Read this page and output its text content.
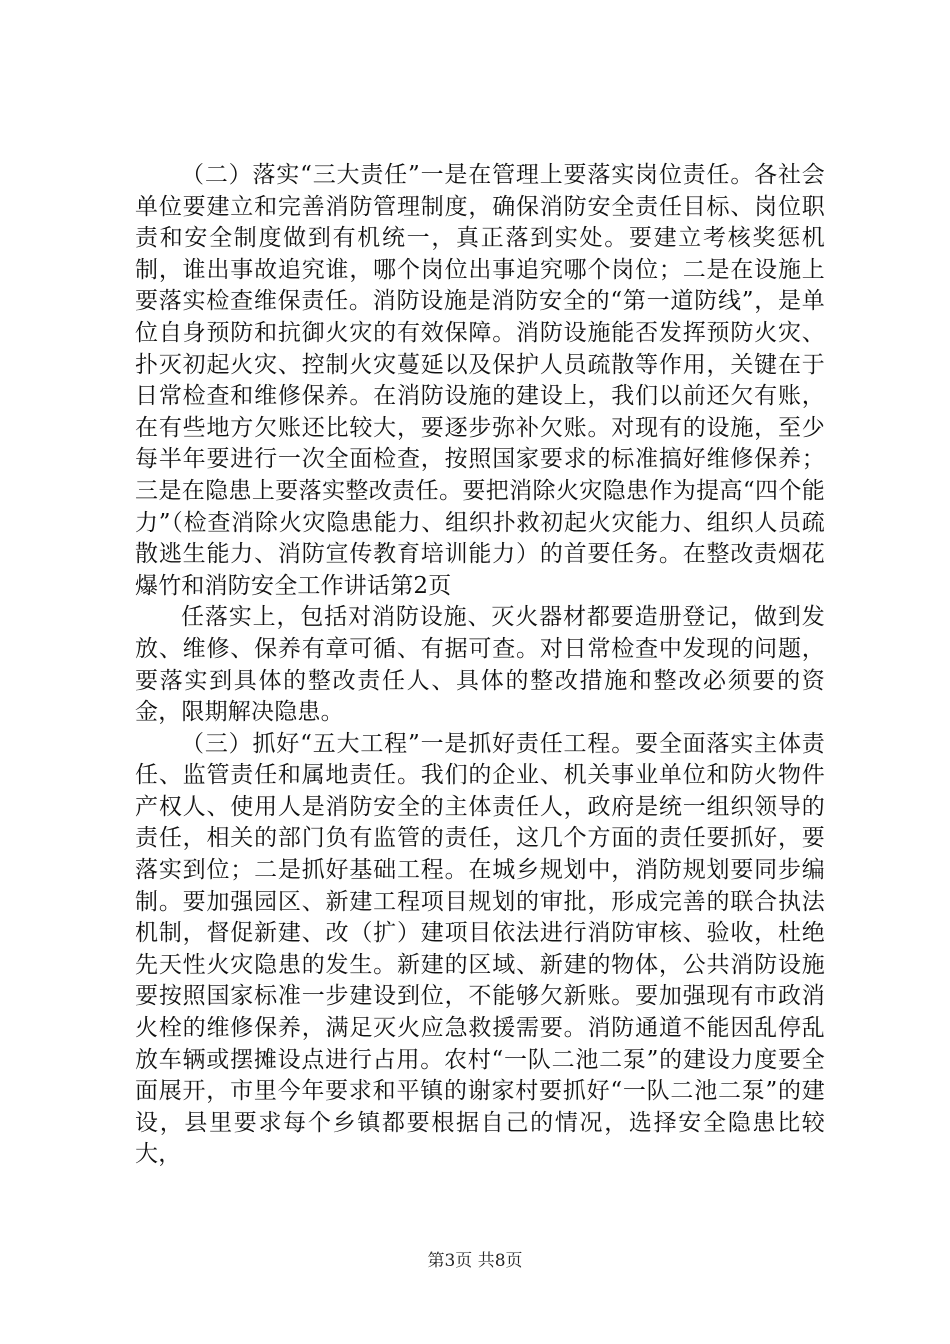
（二）落实“三大责任”一是在管理上要落实岗位责任。各社会单位要建立和完善消防管理制度，确保消防安全责任目标、岗位职责和安全制度做到有机统一，真正落到实处。要建立考核奖惩机制，谁出事故追究谁，哪个岗位出事追究哪个岗位；二是在设施上要落实检查维保责任。消防设施是消防安全的“第一道防线”，是单位自身预防和抗御火灾的有效保障。消防设施能否发挥预防火灾、扑灭初起火灾、控制火灾蔓延以及保护人员疏散等作用，关键在于日常检查和维修保养。在消防设施的建设上，我们以前还欠有账，在有些地方欠账还比较大，要逐步弥补欠账。对现有的设施，至少每半年要进行一次全面检查，按照国家要求的标准搞好维修保养；三是在隐患上要落实整改责任。要把消除火灾隐患作为提高“四个能力”（检查消除火灾隐患能力、组织扑救初起火灾能力、组织人员疏散逃生能力、消防宣传教育培训能力）的首要任务。在整改责烟花爆竹和消防安全工作讲话第2页

任落实上，包括对消防设施、灭火器材都要造册登记，做到发放、维修、保养有章可循、有据可查。对日常检查中发现的问题，要落实到具体的整改责任人、具体的整改措施和整改必须要的资金，限期解决隐患。

（三）抓好“五大工程”一是抓好责任工程。要全面落实主体责任、监管责任和属地责任。我们的企业、机关事业单位和防火物件产权人、使用人是消防安全的主体责任人，政府是统一组织领导的责任，相关的部门负有监管的责任，这几个方面的责任要抓好，要落实到位；二是抓好基础工程。在城乡规划中，消防规划要同步编制。要加强园区、新建工程项目规划的审批，形成完善的联合执法机制，督促新建、改（扩）建项目依法进行消防审核、验收，杜绝先天性火灾隐患的发生。新建的区域、新建的物体，公共消防设施要按照国家标准一步建设到位，不能够欠新账。要加强现有市政消火栓的维修保养，满足灭火应急救援需要。消防通道不能因乱停乱放车辆或摆摊设点进行占用。农村“一队二池二泵”的建设力度要全面展开，市里今年要求和平镇的谢家村要抓好“一队二池二泵”的建设，县里要求每个乡镇都要根据自己的情况，选择安全隐患比较大，

第3页 共8页
